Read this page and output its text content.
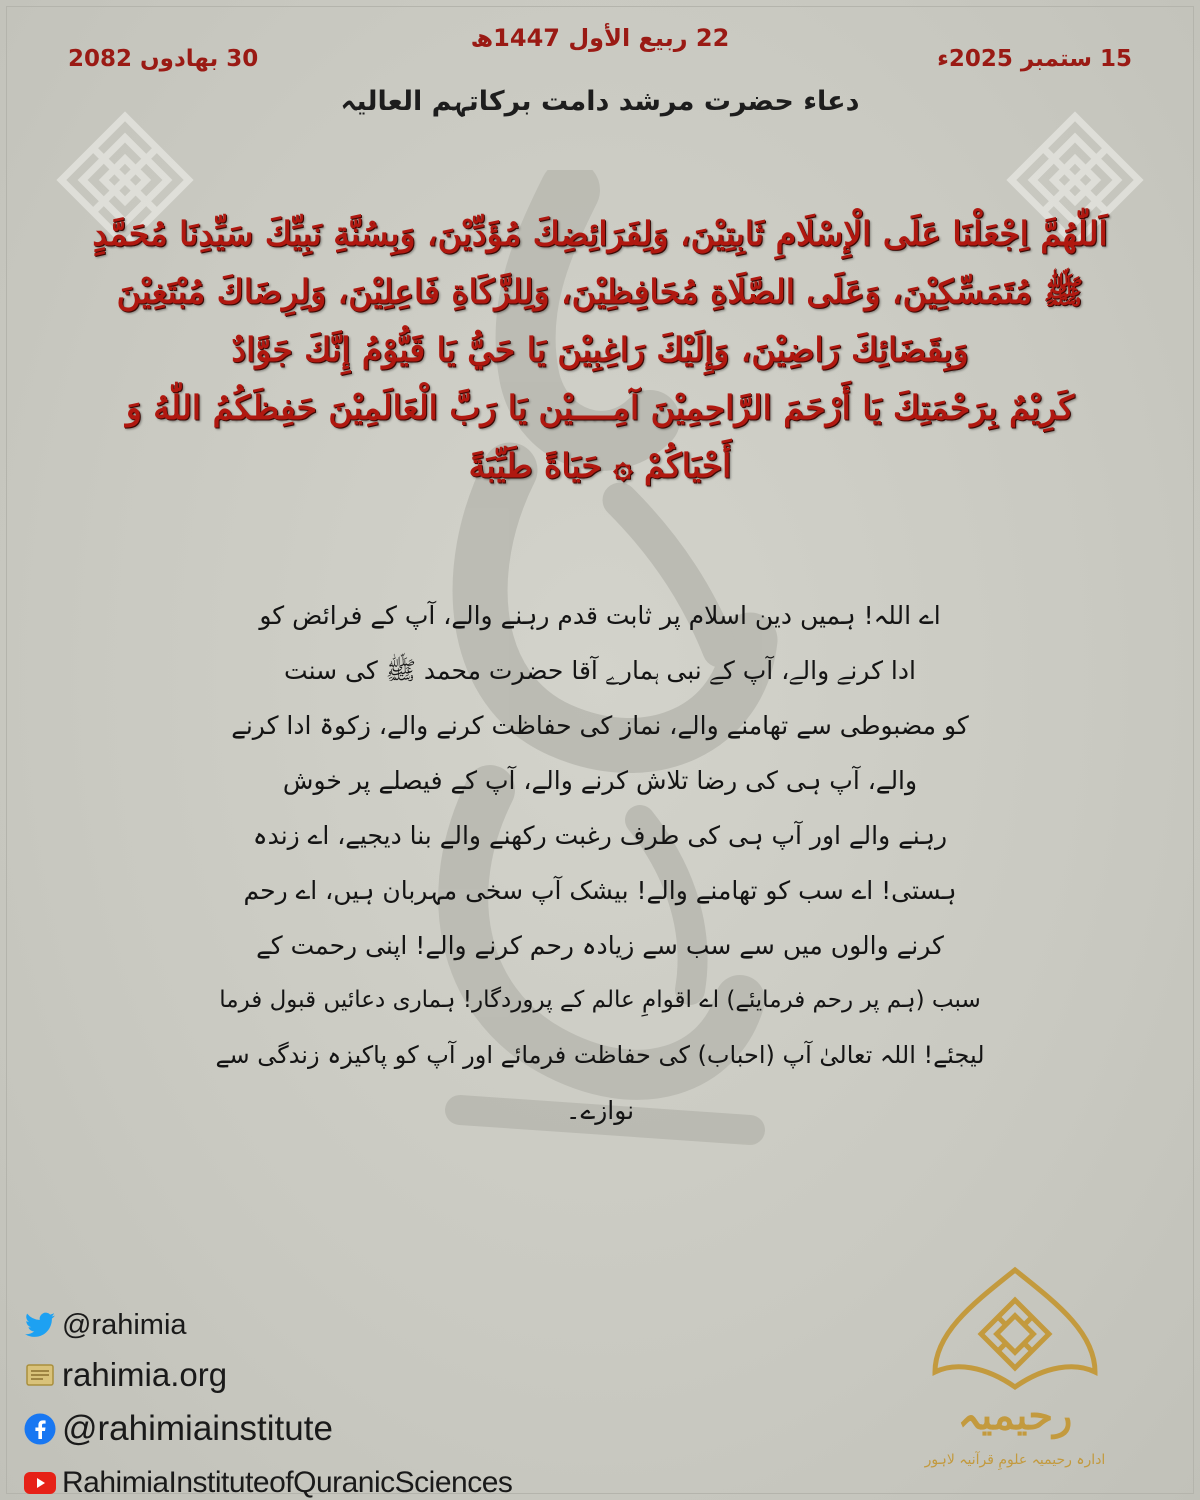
22 ربیع الأول 1447ھ
15 ستمبر 2025ء
30 بھادوں 2082
دعاء حضرت مرشد دامت برکاتہم العالیہ
اَللّٰهُمَّ اِجْعَلْنَا عَلَى الْإِسْلَامِ ثَابِتِيْنَ، وَلِفَرَائِضِكَ مُؤَدِّيْنَ، وَبِسُنَّةِ نَبِيِّكَ سَيِّدِنَا مُحَمَّدٍ
ﷺ مُتَمَسِّكِيْنَ، وَعَلَى الصَّلَاةِ مُحَافِظِيْنَ، وَلِلزَّكَاةِ فَاعِلِيْنَ، وَلِرِضَاكَ مُبْتَغِيْنَ
وَبِقَضَائِكَ رَاضِيْنَ، وَإِلَيْكَ رَاغِبِيْنَ يَا حَيُّ يَا قَيُّوْمُ إِنَّكَ جَوَّادٌ
كَرِيْمٌ بِرَحْمَتِكَ يَا أَرْحَمَ الرَّاحِمِيْنَ آمِــــيْن يَا رَبَّ الْعَالَمِيْنَ حَفِظَكُمُ اللّٰهُ وَ
أَحْيَاكُمْ ۞ حَيَاةً طَيِّبَةً
اے اللہ! ہمیں دین اسلام پر ثابت قدم رہنے والے، آپ کے فرائض کو
ادا کرنے والے، آپ کے نبی ہمارے آقا حضرت محمد ﷺ کی سنت
کو مضبوطی سے تھامنے والے، نماز کی حفاظت کرنے والے، زکوۃ ادا کرنے
والے، آپ ہی کی رضا تلاش کرنے والے، آپ کے فیصلے پر خوش
رہنے والے اور آپ ہی کی طرف رغبت رکھنے والے بنا دیجیے، اے زندہ
ہستی! اے سب کو تھامنے والے! بیشک آپ سخی مہربان ہیں، اے رحم
کرنے والوں میں سے سب سے زیادہ رحم کرنے والے! اپنی رحمت کے
سبب (ہم پر رحم فرمایئے) اے اقوامِ عالم کے پروردگار! ہماری دعائیں قبول فرما
لیجئے! اللہ تعالیٰ آپ (احباب) کی حفاظت فرمائے اور آپ کو پاکیزہ زندگی سے
نوازے۔
@rahimia
rahimia.org
@rahimiainstitute
RahimiaInstituteofQuranicSciences
رحیمیہ
ادارہ رحیمیہ علومِ قرآنیہ لاہور
